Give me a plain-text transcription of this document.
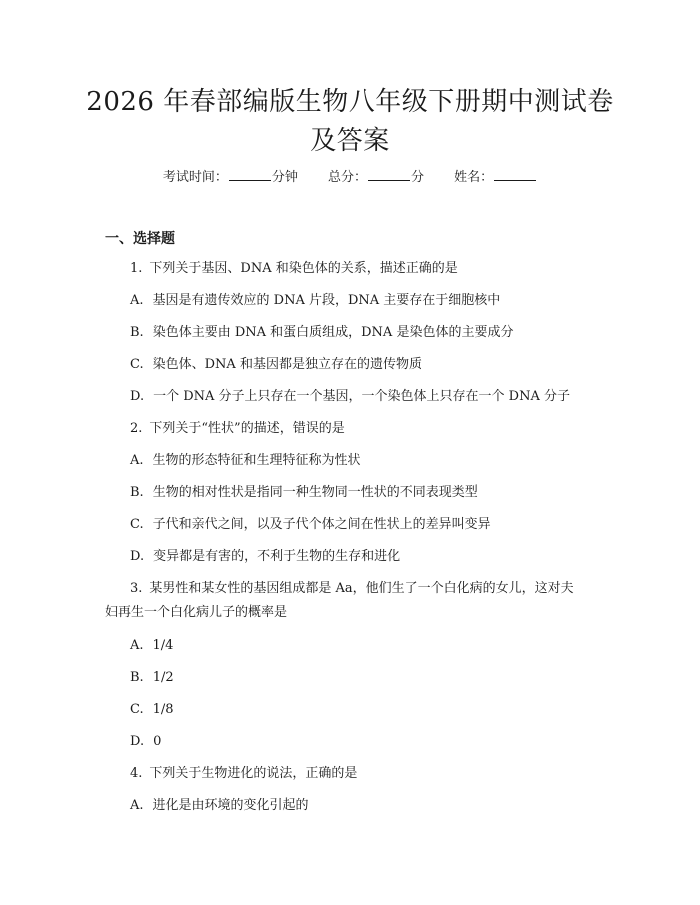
2026 年春部编版生物八年级下册期中测试卷
及答案
考试时间：	分钟 总分：	分 姓名：
一、选择题
1. 下列关于基因、DNA 和染色体的关系，描述正确的是
A. 基因是有遗传效应的 DNA 片段，DNA 主要存在于细胞核中
B. 染色体主要由 DNA 和蛋白质组成，DNA 是染色体的主要成分
C. 染色体、DNA 和基因都是独立存在的遗传物质
D. 一个 DNA 分子上只存在一个基因，一个染色体上只存在一个 DNA 分子
2. 下列关于“性状”的描述，错误的是
A. 生物的形态特征和生理特征称为性状
B. 生物的相对性状是指同一种生物同一性状的不同表现类型
C. 子代和亲代之间，以及子代个体之间在性状上的差异叫变异
D. 变异都是有害的，不利于生物的生存和进化
3. 某男性和某女性的基因组成都是 Aa，他们生了一个白化病的女儿，这对夫
妇再生一个白化病儿子的概率是
A. 1/4
B. 1/2
C. 1/8
D. 0
4. 下列关于生物进化的说法，正确的是
A. 进化是由环境的变化引起的
